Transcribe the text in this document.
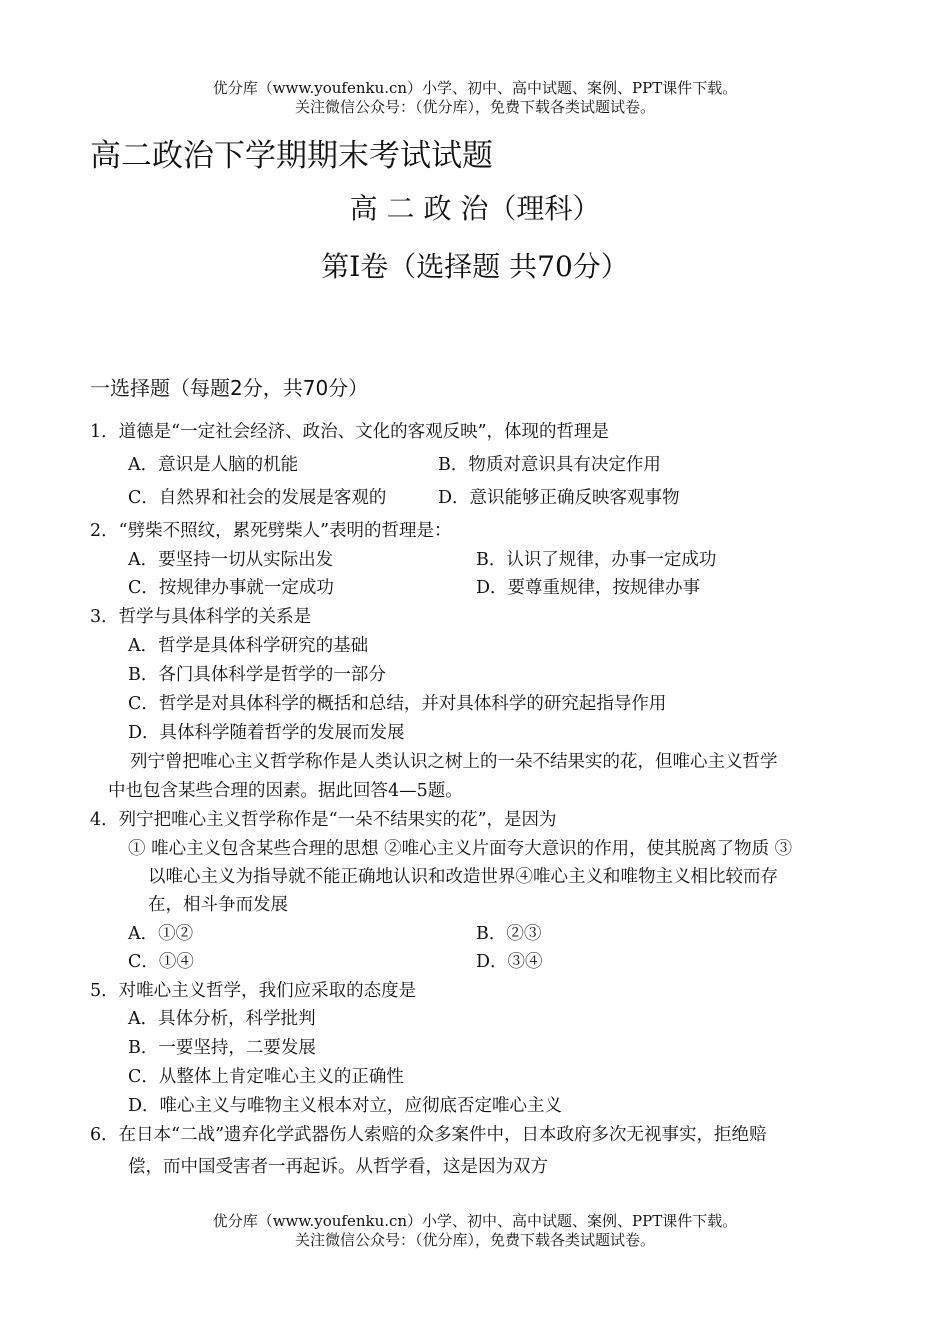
优分库（www.youfenku.cn）小学、初中、高中试题、案例、PPT课件下载。
关注微信公众号：（优分库），免费下载各类试题试卷。
高二政治下学期期末考试试题
高 二 政 治（理科）
第Ⅰ卷（选择题 共70分）
一选择题（每题2分，共70分）
1．道德是“一定社会经济、政治、文化的客观反映”，体现的哲理是
A．意识是人脑的机能	B．物质对意识具有决定作用
C．自然界和社会的发展是客观的	D．意识能够正确反映客观事物
2．“劈柴不照纹，累死劈柴人”表明的哲理是：
A．要坚持一切从实际出发	B．认识了规律，办事一定成功
C．按规律办事就一定成功	D．要尊重规律，按规律办事
3．哲学与具体科学的关系是
A．哲学是具体科学研究的基础
B．各门具体科学是哲学的一部分
C．哲学是对具体科学的概括和总结，并对具体科学的研究起指导作用
D．具体科学随着哲学的发展而发展
列宁曾把唯心主义哲学称作是人类认识之树上的一朵不结果实的花，但唯心主义哲学
中也包含某些合理的因素。据此回答4—5题。
4．列宁把唯心主义哲学称作是“一朵不结果实的花”，是因为
① 唯心主义包含某些合理的思想 ②唯心主义片面夸大意识的作用，使其脱离了物质 ③
以唯心主义为指导就不能正确地认识和改造世界④唯心主义和唯物主义相比较而存
在，相斗争而发展
A．①②	B．②③
C．①④	D．③④
5．对唯心主义哲学，我们应采取的态度是
A．具体分析，科学批判
B．一要坚持，二要发展
C．从整体上肯定唯心主义的正确性
D．唯心主义与唯物主义根本对立，应彻底否定唯心主义
6．在日本“二战”遗弃化学武器伤人索赔的众多案件中，日本政府多次无视事实，拒绝赔
偿，而中国受害者一再起诉。从哲学看，这是因为双方
优分库（www.youfenku.cn）小学、初中、高中试题、案例、PPT课件下载。
关注微信公众号：（优分库），免费下载各类试题试卷。
